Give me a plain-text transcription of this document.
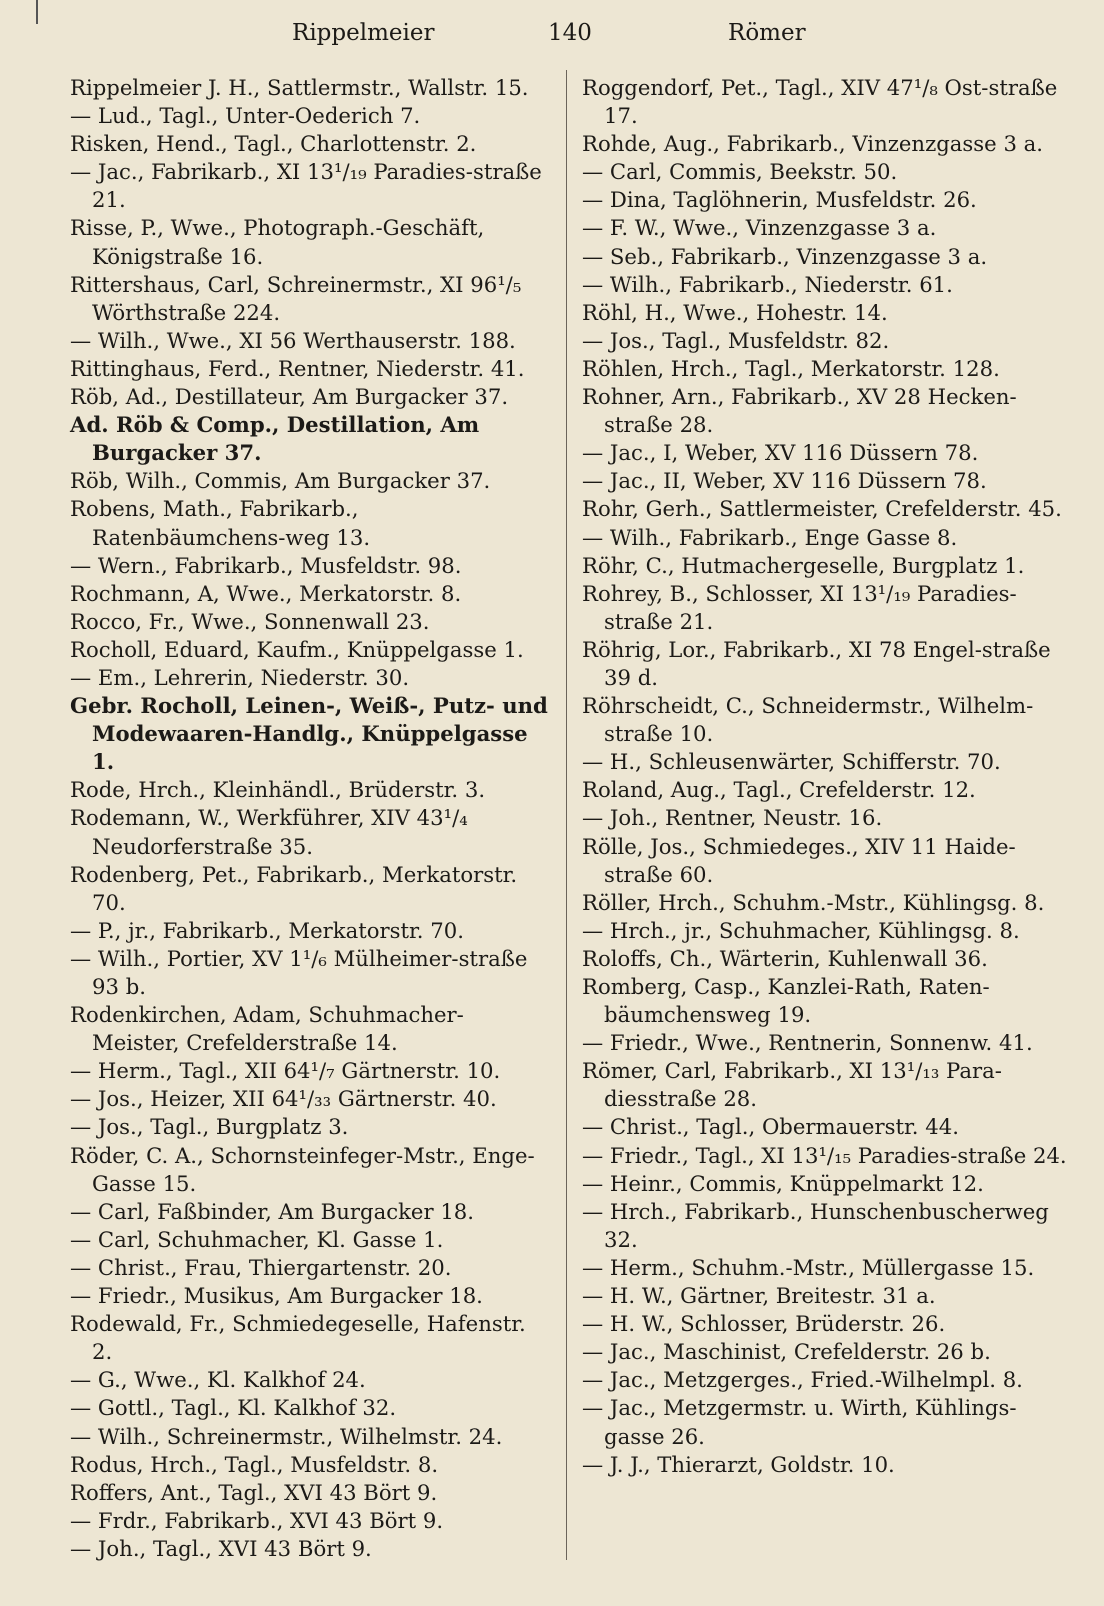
Rippelmeier	140	Römer
Rippelmeier J. H., Sattlermstr., Wallstr. 15.
— Lud., Tagl., Unter-Oederich 7.
Risken, Hend., Tagl., Charlottenstr. 2.
— Jac., Fabrikarb., XI 13¹/₁₉ Paradies-straße 21.
Risse, P., Wwe., Photograph.-Geschäft, Königstraße 16.
Rittershaus, Carl, Schreinermstr., XI 96¹/₅ Wörthstraße 224.
— Wilh., Wwe., XI 56 Werthauserstr. 188.
Rittinghaus, Ferd., Rentner, Niederstr. 41.
Röb, Ad., Destillateur, Am Burgacker 37.
Ad. Röb & Comp., Destillation, Am Burgacker 37.
Röb, Wilh., Commis, Am Burgacker 37.
Robens, Math., Fabrikarb., Ratenbäumchens-weg 13.
— Wern., Fabrikarb., Musfeldstr. 98.
Rochmann, A, Wwe., Merkatorstr. 8.
Rocco, Fr., Wwe., Sonnenwall 23.
Rocholl, Eduard, Kaufm., Knüppelgasse 1.
— Em., Lehrerin, Niederstr. 30.
Gebr. Rocholl, Leinen-, Weiß-, Putz- und Modewaaren-Handlg., Knüppelgasse 1.
Rode, Hrch., Kleinhändl., Brüderstr. 3.
Rodemann, W., Werkführer, XIV 43¹/₄ Neudorferstraße 35.
Rodenberg, Pet., Fabrikarb., Merkatorstr. 70.
— P., jr., Fabrikarb., Merkatorstr. 70.
— Wilh., Portier, XV 1¹/₆ Mülheimer-straße 93 b.
Rodenkirchen, Adam, Schuhmacher-Meister, Crefelderstraße 14.
— Herm., Tagl., XII 64¹/₇ Gärtnerstr. 10.
— Jos., Heizer, XII 64¹/₃₃ Gärtnerstr. 40.
— Jos., Tagl., Burgplatz 3.
Röder, C. A., Schornsteinfeger-Mstr., Enge-Gasse 15.
— Carl, Faßbinder, Am Burgacker 18.
— Carl, Schuhmacher, Kl. Gasse 1.
— Christ., Frau, Thiergartenstr. 20.
— Friedr., Musikus, Am Burgacker 18.
Rodewald, Fr., Schmiedegeselle, Hafenstr. 2.
— G., Wwe., Kl. Kalkhof 24.
— Gottl., Tagl., Kl. Kalkhof 32.
— Wilh., Schreinermstr., Wilhelmstr. 24.
Rodus, Hrch., Tagl., Musfeldstr. 8.
Roffers, Ant., Tagl., XVI 43 Bört 9.
— Frdr., Fabrikarb., XVI 43 Bört 9.
— Joh., Tagl., XVI 43 Bört 9.
Roggendorf, Pet., Tagl., XIV 47¹/₈ Ost-straße 17.
Rohde, Aug., Fabrikarb., Vinzenzgasse 3 a.
— Carl, Commis, Beekstr. 50.
— Dina, Taglöhnerin, Musfeldstr. 26.
— F. W., Wwe., Vinzenzgasse 3 a.
— Seb., Fabrikarb., Vinzenzgasse 3 a.
— Wilh., Fabrikarb., Niederstr. 61.
Röhl, H., Wwe., Hohestr. 14.
— Jos., Tagl., Musfeldstr. 82.
Röhlen, Hrch., Tagl., Merkatorstr. 128.
Rohner, Arn., Fabrikarb., XV 28 Hecken-straße 28.
— Jac., I, Weber, XV 116 Düssern 78.
— Jac., II, Weber, XV 116 Düssern 78.
Rohr, Gerh., Sattlermeister, Crefelderstr. 45.
— Wilh., Fabrikarb., Enge Gasse 8.
Röhr, C., Hutmachergeselle, Burgplatz 1.
Rohrey, B., Schlosser, XI 13¹/₁₉ Paradies-straße 21.
Röhrig, Lor., Fabrikarb., XI 78 Engel-straße 39 d.
Röhrscheidt, C., Schneidermstr., Wilhelm-straße 10.
— H., Schleusenwärter, Schifferstr. 70.
Roland, Aug., Tagl., Crefelderstr. 12.
— Joh., Rentner, Neustr. 16.
Rölle, Jos., Schmiedeges., XIV 11 Haide-straße 60.
Röller, Hrch., Schuhm.-Mstr., Kühlingsg. 8.
— Hrch., jr., Schuhmacher, Kühlingsg. 8.
Roloffs, Ch., Wärterin, Kuhlenwall 36.
Romberg, Casp., Kanzlei-Rath, Raten-bäumchensweg 19.
— Friedr., Wwe., Rentnerin, Sonnenw. 41.
Römer, Carl, Fabrikarb., XI 13¹/₁₃ Para-diesstraße 28.
— Christ., Tagl., Obermauerstr. 44.
— Friedr., Tagl., XI 13¹/₁₅ Paradies-straße 24.
— Heinr., Commis, Knüppelmarkt 12.
— Hrch., Fabrikarb., Hunschenbuscherweg 32.
— Herm., Schuhm.-Mstr., Müllergasse 15.
— H. W., Gärtner, Breitestr. 31 a.
— H. W., Schlosser, Brüderstr. 26.
— Jac., Maschinist, Crefelderstr. 26 b.
— Jac., Metzgerges., Fried.-Wilhelmpl. 8.
— Jac., Metzgermstr. u. Wirth, Kühlings-gasse 26.
— J. J., Thierarzt, Goldstr. 10.
